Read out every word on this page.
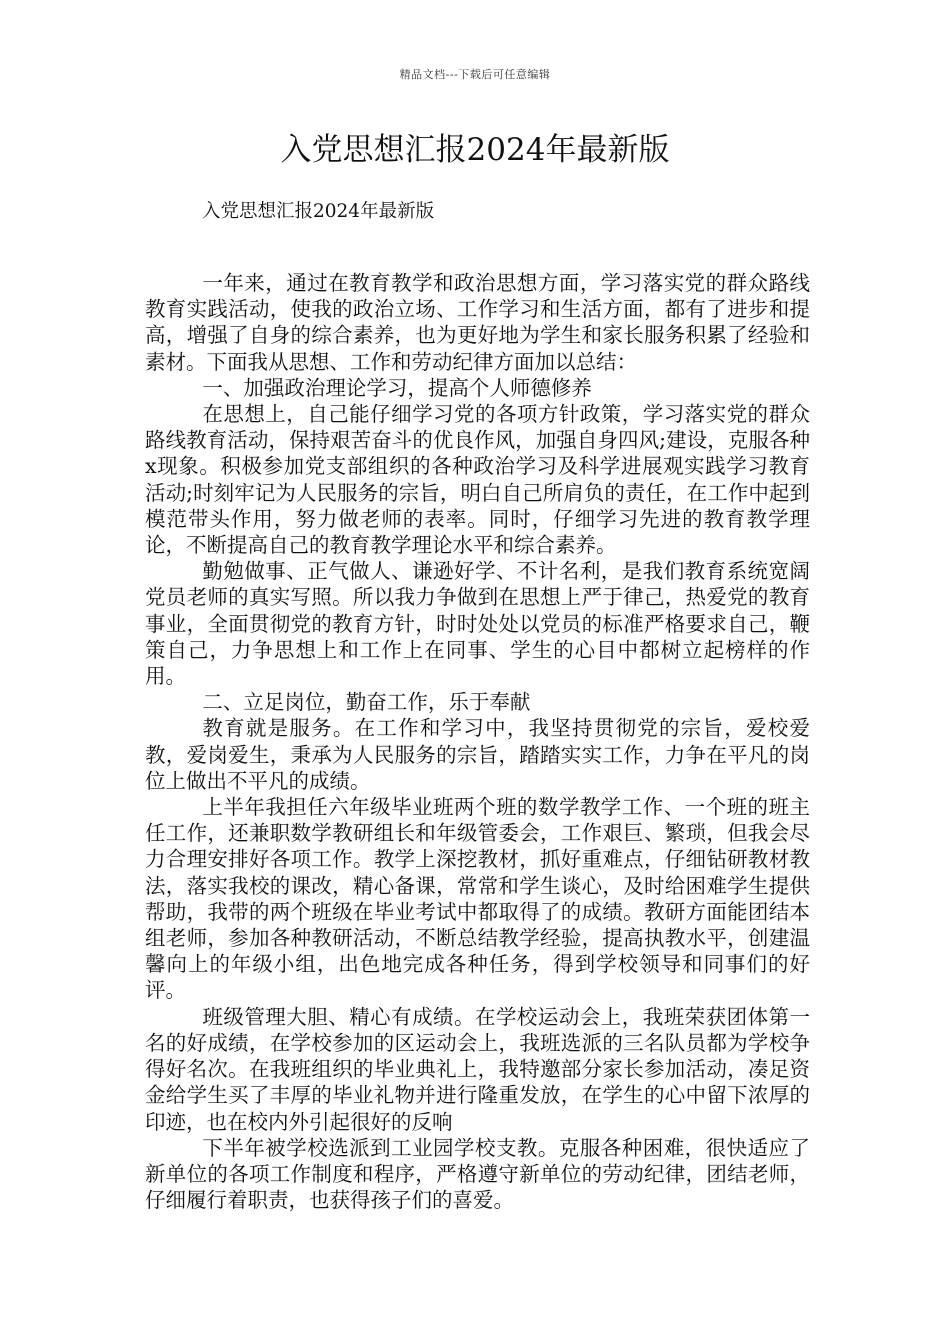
精品文档---下载后可任意编辑
入党思想汇报2024年最新版
入党思想汇报2024年最新版

一年来，通过在教育教学和政治思想方面，学习落实党的群众路线教育实践活动，使我的政治立场、工作学习和生活方面，都有了进步和提高，增强了自身的综合素养，也为更好地为学生和家长服务积累了经验和素材。下面我从思想、工作和劳动纪律方面加以总结：

一、加强政治理论学习，提高个人师德修养

在思想上，自己能仔细学习党的各项方针政策，学习落实党的群众路线教育活动，保持艰苦奋斗的优良作风，加强自身四风;建设，克服各种x现象。积极参加党支部组织的各种政治学习及科学进展观实践学习教育活动;时刻牢记为人民服务的宗旨，明白自己所肩负的责任，在工作中起到模范带头作用，努力做老师的表率。同时，仔细学习先进的教育教学理论，不断提高自己的教育教学理论水平和综合素养。

勤勉做事、正气做人、谦逊好学、不计名利，是我们教育系统宽阔党员老师的真实写照。所以我力争做到在思想上严于律己，热爱党的教育事业，全面贯彻党的教育方针，时时处处以党员的标准严格要求自己，鞭策自己，力争思想上和工作上在同事、学生的心目中都树立起榜样的作用。

二、立足岗位，勤奋工作，乐于奉献

教育就是服务。在工作和学习中，我坚持贯彻党的宗旨，爱校爱教，爱岗爱生，秉承为人民服务的宗旨，踏踏实实工作，力争在平凡的岗位上做出不平凡的成绩。

上半年我担任六年级毕业班两个班的数学教学工作、一个班的班主任工作，还兼职数学教研组长和年级管委会，工作艰巨、繁琐，但我会尽力合理安排好各项工作。教学上深挖教材，抓好重难点，仔细钻研教材教法，落实我校的课改，精心备课，常常和学生谈心，及时给困难学生提供帮助，我带的两个班级在毕业考试中都取得了的成绩。教研方面能团结本组老师，参加各种教研活动，不断总结教学经验，提高执教水平，创建温馨向上的年级小组，出色地完成各种任务，得到学校领导和同事们的好评。

班级管理大胆、精心有成绩。在学校运动会上，我班荣获团体第一名的好成绩，在学校参加的区运动会上，我班选派的三名队员都为学校争得好名次。在我班组织的毕业典礼上，我特邀部分家长参加活动，凑足资金给学生买了丰厚的毕业礼物并进行隆重发放，在学生的心中留下浓厚的印迹，也在校内外引起很好的反响

下半年被学校选派到工业园学校支教。克服各种困难，很快适应了新单位的各项工作制度和程序，严格遵守新单位的劳动纪律，团结老师，仔细履行着职责，也获得孩子们的喜爱。
